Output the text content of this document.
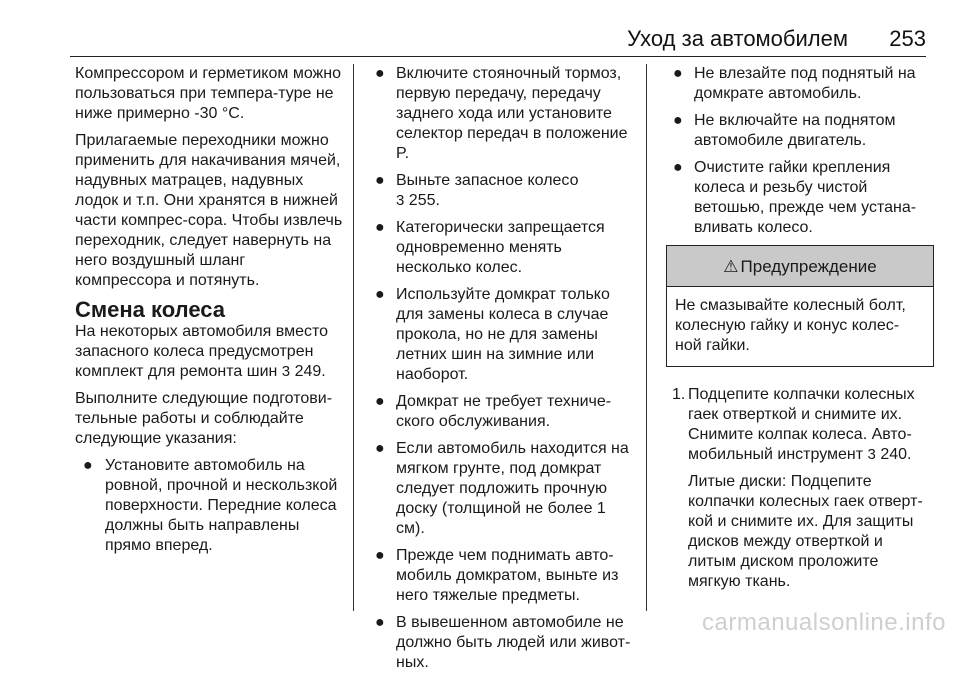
Уход за автомобилем 253

Компрессором и герметиком можно пользоваться при темпера-туре не ниже примерно -30 °C.

Прилагаемые переходники можно применить для накачивания мячей, надувных матрацев, надувных лодок и т.п. Они хранятся в нижней части компрес-сора. Чтобы извлечь переходник, следует навернуть на него воздушный шланг компрессора и потянуть.

Смена колеса

На некоторых автомобиля вместо запасного колеса предусмотрен комплект для ремонта шин 3 249.

Выполните следующие подготови-тельные работы и соблюдайте следующие указания:

● Установите автомобиль на ровной, прочной и нескользкой поверхности. Передние колеса должны быть направлены прямо вперед.
● Включите стояночный тормоз, первую передачу, передачу заднего хода или установите селектор передач в положение P.
● Выньте запасное колесо
3 255.
● Категорически запрещается одновременно менять несколько колес.
● Используйте домкрат только для замены колеса в случае прокола, но не для замены летних шин на зимние или наоборот.
● Домкрат не требует техниче-ского обслуживания.
● Если автомобиль находится на мягком грунте, под домкрат следует подложить прочную доску (толщиной не более 1 см).
● Прежде чем поднимать авто-мобиль домкратом, выньте из него тяжелые предметы.
● В вывешенном автомобиле не должно быть людей или живот-ных.
● Не влезайте под поднятый на домкрате автомобиль.
● Не включайте на поднятом автомобиле двигатель.
● Очистите гайки крепления колеса и резьбу чистой ветошью, прежде чем устана-вливать колесо.
⚠ Предупреждение
Не смазывайте колесный болт, колесную гайку и конус колес-ной гайки.
1. Подцепите колпачки колесных гаек отверткой и снимите их. Снимите колпак колеса. Авто-мобильный инструмент 3 240.

Литые диски: Подцепите колпачки колесных гаек отверт-кой и снимите их. Для защиты дисков между отверткой и литым диском проложите мягкую ткань.

carmanualsonline.info
